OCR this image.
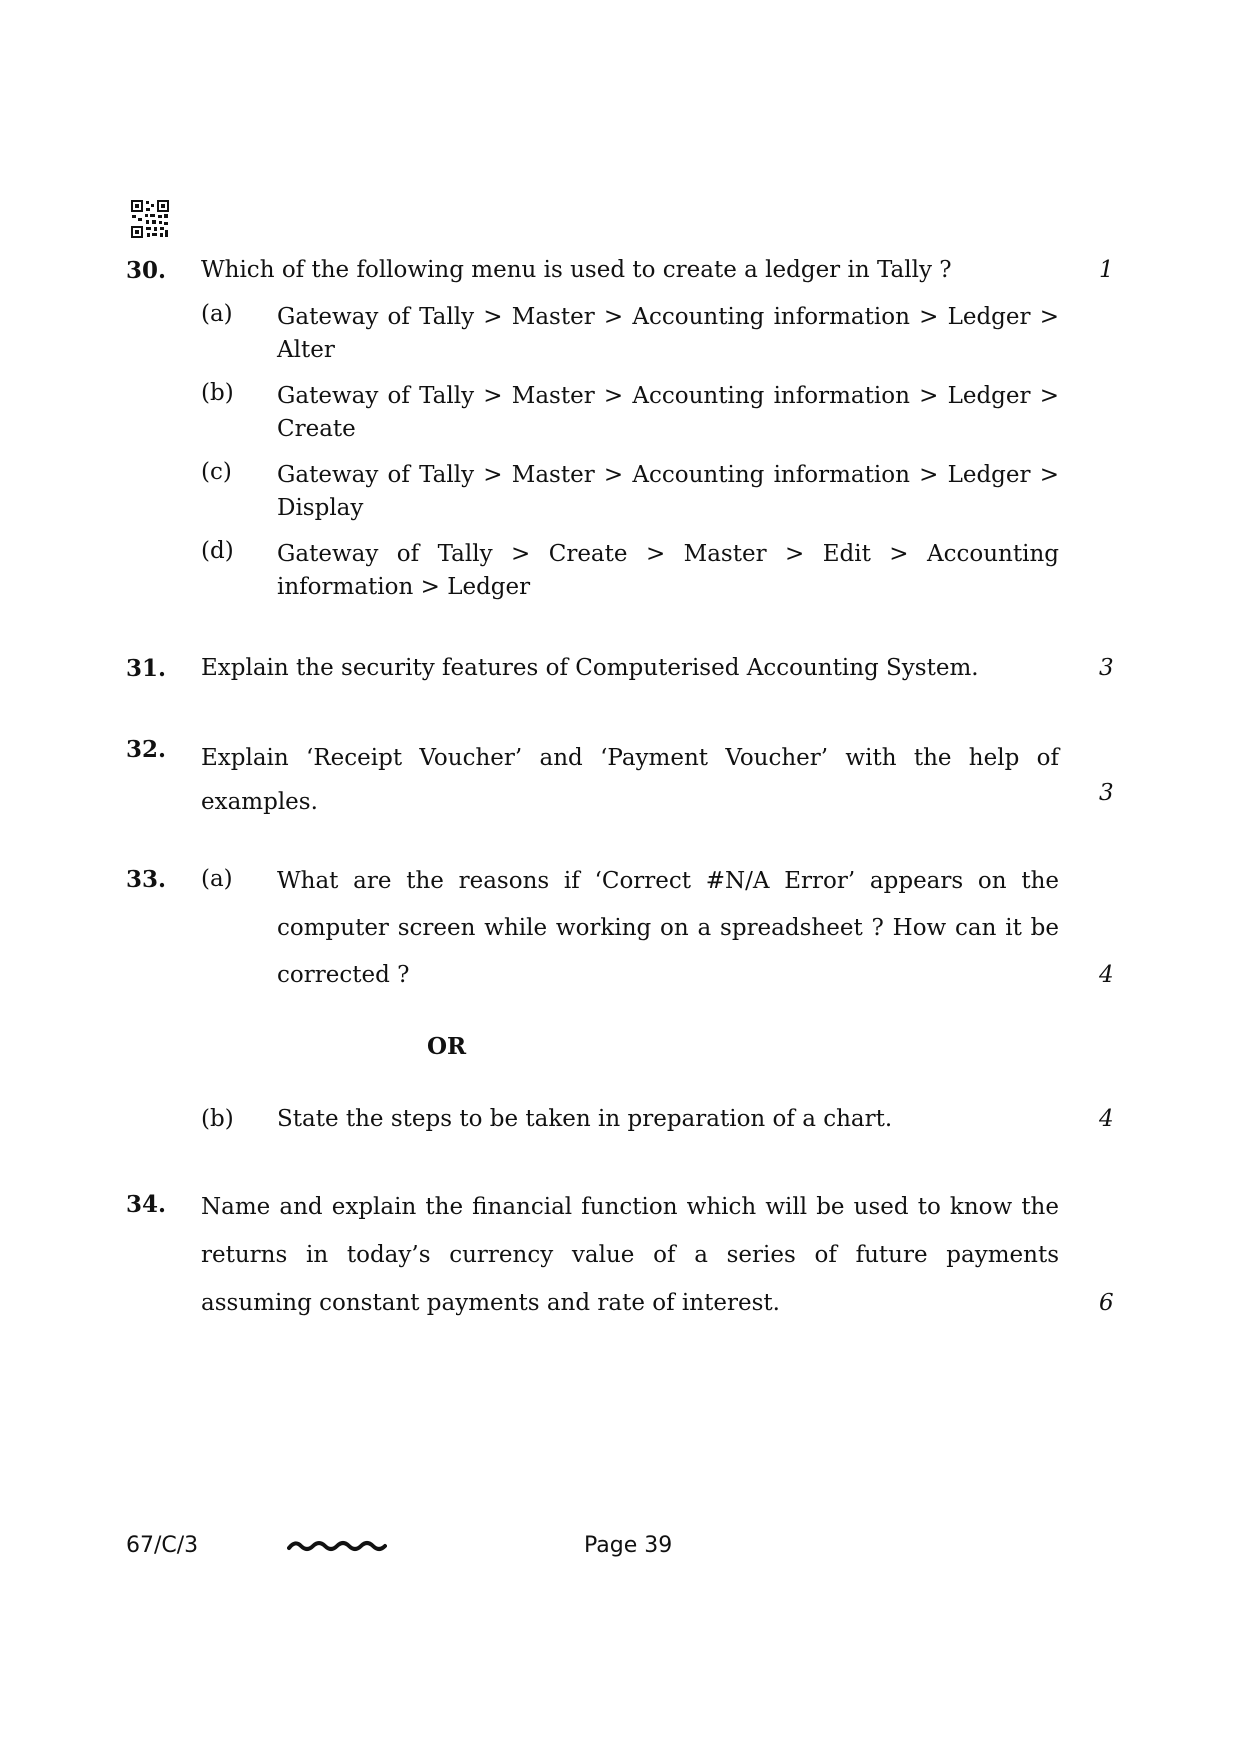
30. Which of the following menu is used to create a ledger in Tally ?	1
(a) Gateway of Tally > Master > Accounting information > Ledger > Alter
(b) Gateway of Tally > Master > Accounting information > Ledger > Create
(c) Gateway of Tally > Master > Accounting information > Ledger > Display
(d) Gateway of Tally > Create > Master > Edit > Accounting information > Ledger
31. Explain the security features of Computerised Accounting System.	3
32. Explain ‘Receipt Voucher’ and ‘Payment Voucher’ with the help of examples.	3
33. (a) What are the reasons if ‘Correct #N/A Error’ appears on the computer screen while working on a spreadsheet ? How can it be corrected ?	4
OR
(b) State the steps to be taken in preparation of a chart.	4
34. Name and explain the financial function which will be used to know the returns in today’s currency value of a series of future payments assuming constant payments and rate of interest.	6
67/C/3	Page 39
